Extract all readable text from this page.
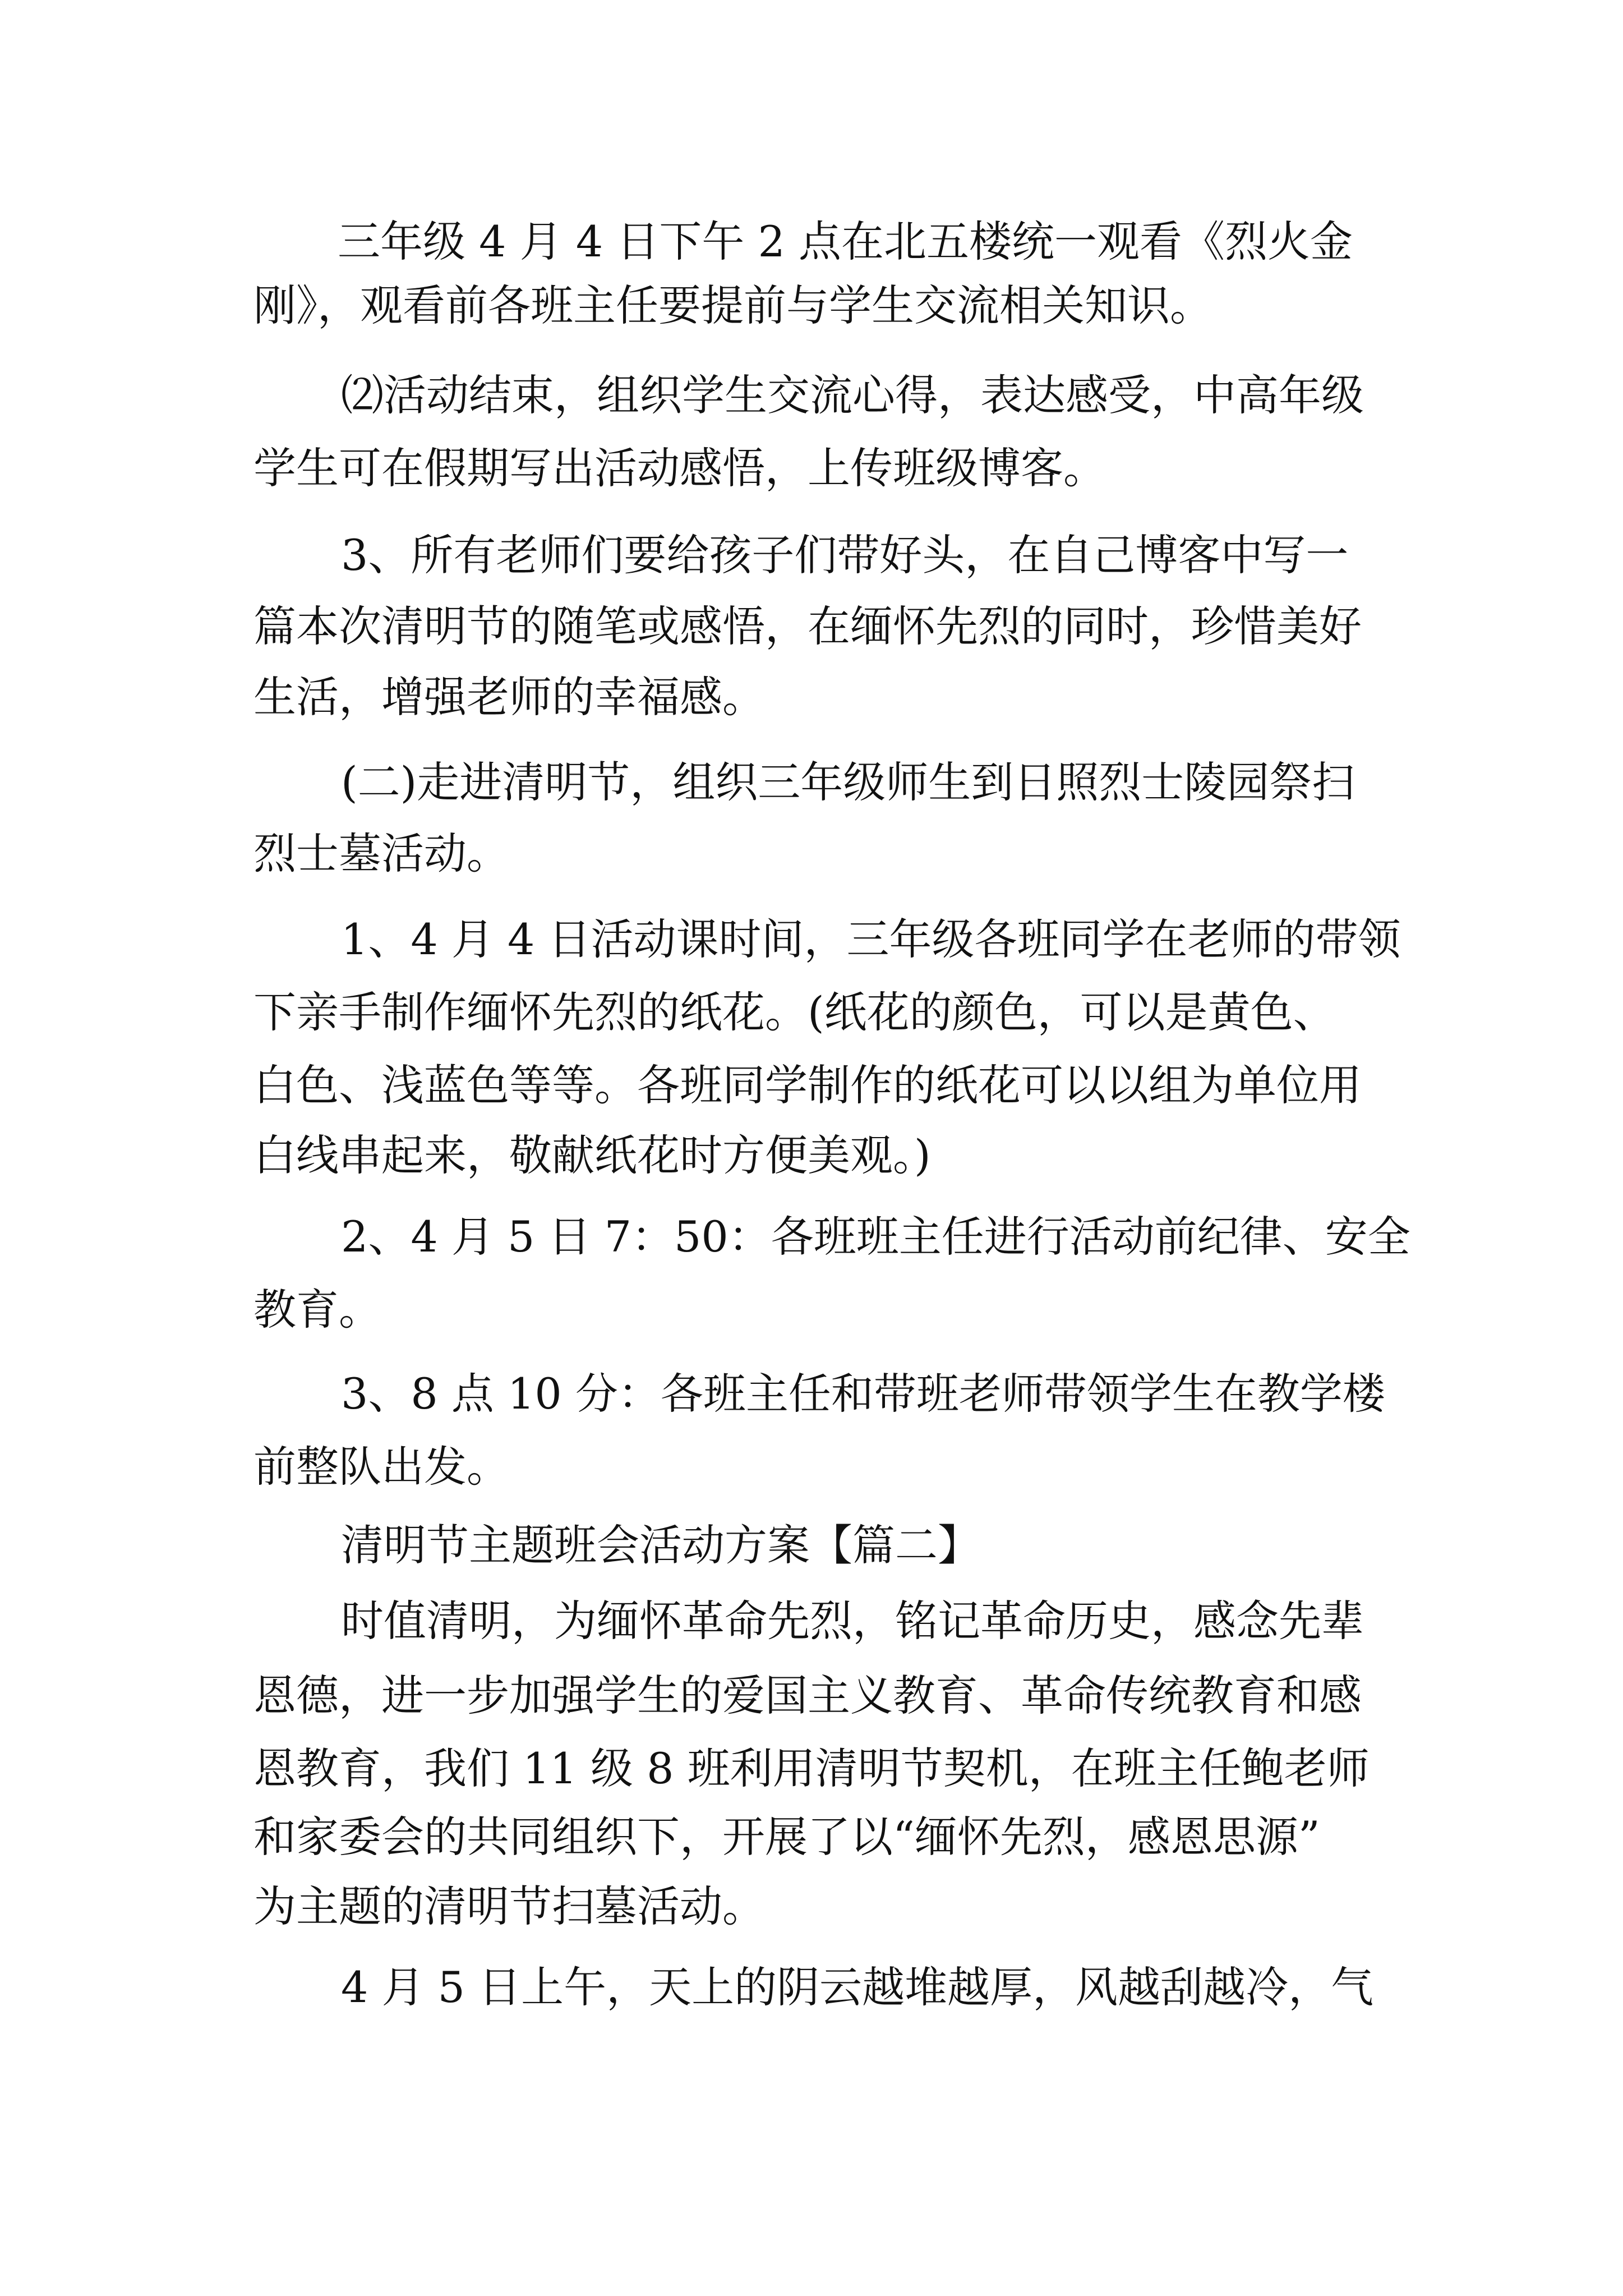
三年级 4 月 4 日下午 2 点在北五楼统一观看《烈火金
刚》，观看前各班主任要提前与学生交流相关知识。
⑵活动结束，组织学生交流心得，表达感受，中高年级
学生可在假期写出活动感悟，上传班级博客。
3、所有老师们要给孩子们带好头，在自己博客中写一
篇本次清明节的随笔或感悟，在缅怀先烈的同时，珍惜美好
生活，增强老师的幸福感。
(二)走进清明节，组织三年级师生到日照烈士陵园祭扫
烈士墓活动。
1、4 月 4 日活动课时间，三年级各班同学在老师的带领
下亲手制作缅怀先烈的纸花。(纸花的颜色，可以是黄色、
白色、浅蓝色等等。各班同学制作的纸花可以以组为单位用
白线串起来，敬献纸花时方便美观。)
2、4 月 5 日 7：50：各班班主任进行活动前纪律、安全
教育。
3、8 点 10 分：各班主任和带班老师带领学生在教学楼
前整队出发。
清明节主题班会活动方案【篇二】
时值清明，为缅怀革命先烈，铭记革命历史，感念先辈
恩德，进一步加强学生的爱国主义教育、革命传统教育和感
恩教育，我们 11 级 8 班利用清明节契机，在班主任鲍老师
和家委会的共同组织下，开展了以“缅怀先烈，感恩思源”
为主题的清明节扫墓活动。
4 月 5 日上午，天上的阴云越堆越厚，风越刮越冷，气
